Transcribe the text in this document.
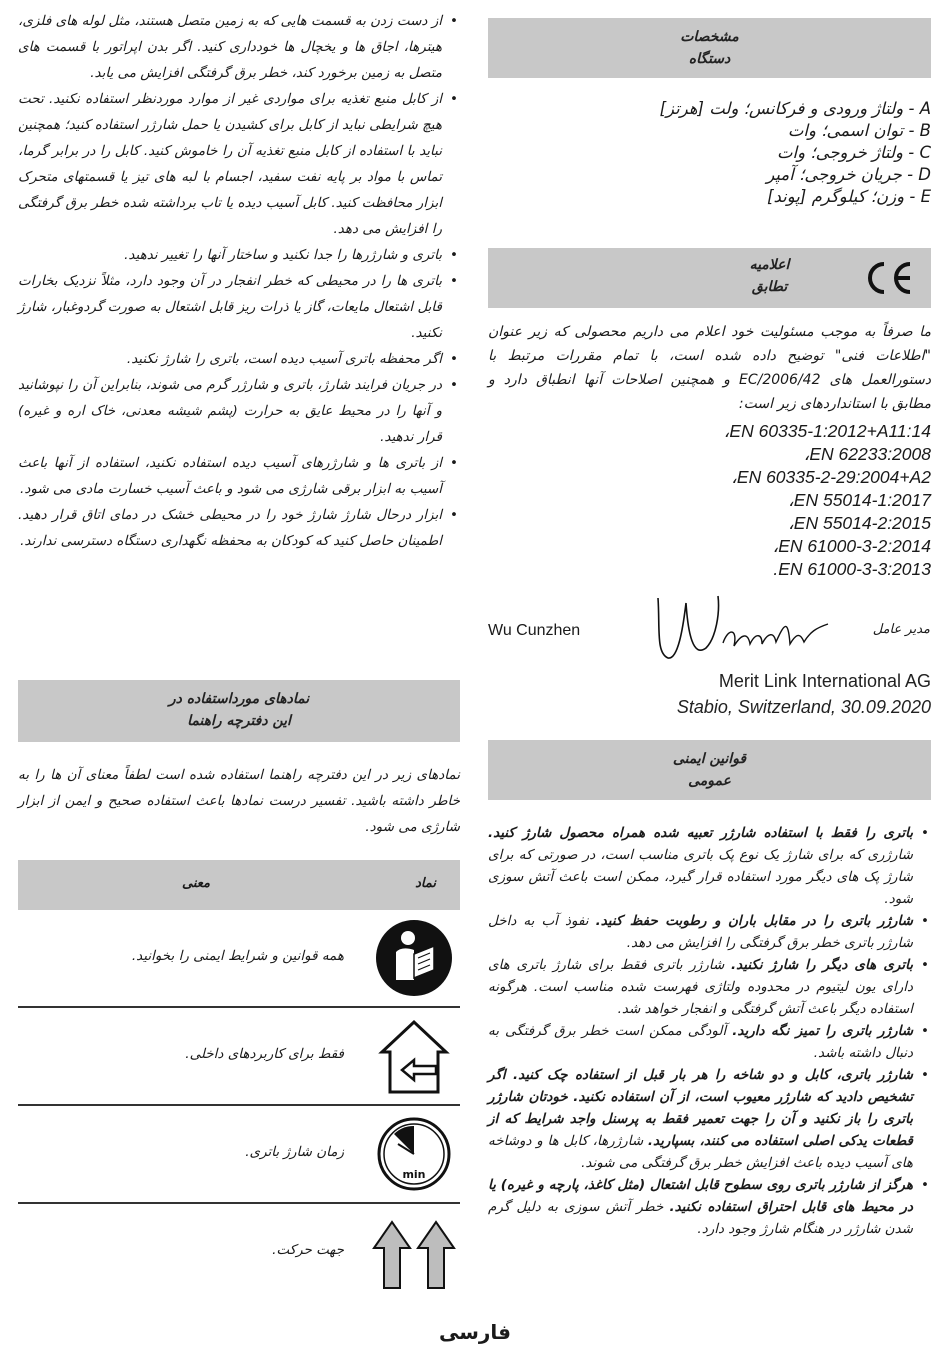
مشخصات
دستگاه
A - ولتاژ ورودی و فرکانس؛ ولت [هرتز]
B - توان اسمی؛ وات
C - ولتاژ خروجی؛ وات
D - جریان خروجی؛ آمپر
E - وزن؛ کیلوگرم [پوند]
اعلامیه
تطابق

ما صرفاً به موجب مسئولیت خود اعلام می داریم محصولی که زیر عنوان "اطلاعات فنی" توضیح داده شده است، با تمام مقررات مرتبط با دستورالعمل های 2006/42/EC و همچنین اصلاحات آنها انطباق دارد و مطابق با استانداردهای زیر است:

EN 60335-1:2012+A11:14،
EN 62233:2008،
EN 60335-2-29:2004+A2،
EN 55014-1:2017،
EN 55014-2:2015،
EN 61000-3-2:2014،
EN 61000-3-3:2013.
مدیر عامل
Wu Cunzhen
Merit Link International AG
Stabio, Switzerland, 30.09.2020
قوانین ایمنی
عمومی
• باتری را فقط با استفاده شارژر تعبیه شده همراه محصول شارژ کنید. شارژری که برای شارژ یک نوع پک باتری مناسب است، در صورتی که برای شارژ پک های دیگر مورد استفاده قرار گیرد، ممکن است باعث آتش سوزی شود.
• شارژر باتری را در مقابل باران و رطوبت حفظ کنید. نفوذ آب به داخل شارژر باتری خطر برق گرفتگی را افزایش می دهد.
• باتری های دیگر را شارژ نکنید. شارژر باتری فقط برای شارژ باتری های دارای یون لیتیوم در محدوده ولتاژی فهرست شده مناسب است. هرگونه استفاده دیگر باعث آتش گرفتگی و انفجار خواهد شد.
• شارژر باتری را تمیز نگه دارید. آلودگی ممکن است خطر برق گرفتگی به دنبال داشته باشد.
• شارژر باتری، کابل و دو شاخه را هر بار قبل از استفاده چک کنید. اگر تشخیص دادید که شارژر معیوب است، از آن استفاده نکنید. خودتان شارژر باتری را باز نکنید و آن را جهت تعمیر فقط به پرسنل واجد شرایط که از قطعات یدکی اصلی استفاده می کنند، بسپارید. شارژرها، کابل ها و دوشاخه های آسیب دیده باعث افزایش خطر برق گرفتگی می شوند.
• هرگز از شارژر باتری روی سطوح قابل اشتعال (مثل کاغذ، پارچه و غیره) یا در محیط های قابل احتراق استفاده نکنید. خطر آتش سوزی به دلیل گرم شدن شارژر در هنگام شارژ وجود دارد.
• از دست زدن به قسمت هایی که به زمین متصل هستند، مثل لوله های فلزی، هیترها، اجاق ها و یخچال ها خودداری کنید. اگر بدن اپراتور با قسمت های متصل به زمین برخورد کند، خطر برق گرفتگی افزایش می یابد.
• از کابل منبع تغذیه برای مواردی غیر از موارد موردنظر استفاده نکنید. تحت هیچ شرایطی نباید از کابل برای کشیدن یا حمل شارژر استفاده کنید؛ همچنین نباید با استفاده از کابل منبع تغذیه آن را خاموش کنید. کابل را در برابر گرما، تماس با مواد بر پایه نفت سفید، اجسام با لبه های تیز یا قسمتهای متحرک ابزار محافظت کنید. کابل آسیب دیده یا تاب برداشته شده خطر برق گرفتگی را افزایش می دهد.
• باتری و شارژرها را جدا نکنید و ساختار آنها را تغییر ندهید.
• باتری ها را در محیطی که خطر انفجار در آن وجود دارد، مثلاً نزدیک بخارات قابل اشتعال مایعات، گاز یا ذرات ریز قابل اشتعال به صورت گردوغبار، شارژ نکنید.
• اگر محفظه باتری آسیب دیده است، باتری را شارژ نکنید.
• در جریان فرایند شارژ، باتری و شارژر گرم می شوند، بنابراین آن را نپوشانید و آنها را در محیط عایق به حرارت (پشم شیشه معدنی، خاک اره و غیره) قرار ندهید.
• از باتری ها و شارژرهای آسیب دیده استفاده نکنید، استفاده از آنها باعث آسیب به ابزار برقی شارژی می شود و باعث آسیب خسارت مادی می شود.
• ابزار درحال شارژ شارژ خود را در محیطی خشک در دمای اتاق قرار دهید. اطمینان حاصل کنید که کودکان به محفظه نگهداری دستگاه دسترسی ندارند.
نمادهای مورداستفاده در
این دفترچه راهنما

نمادهای زیر در این دفترچه راهنما استفاده شده است لطفاً معنای آن ها را به خاطر داشته باشید. تفسیر درست نمادها باعث استفاده صحیح و ایمن از ابزار شارژی می شود.

نماد
معنی
همه قوانین و شرایط ایمنی را بخوانید.
فقط برای کاربردهای داخلی.
min
زمان شارژ باتری.
جهت حرکت.
فارسی
